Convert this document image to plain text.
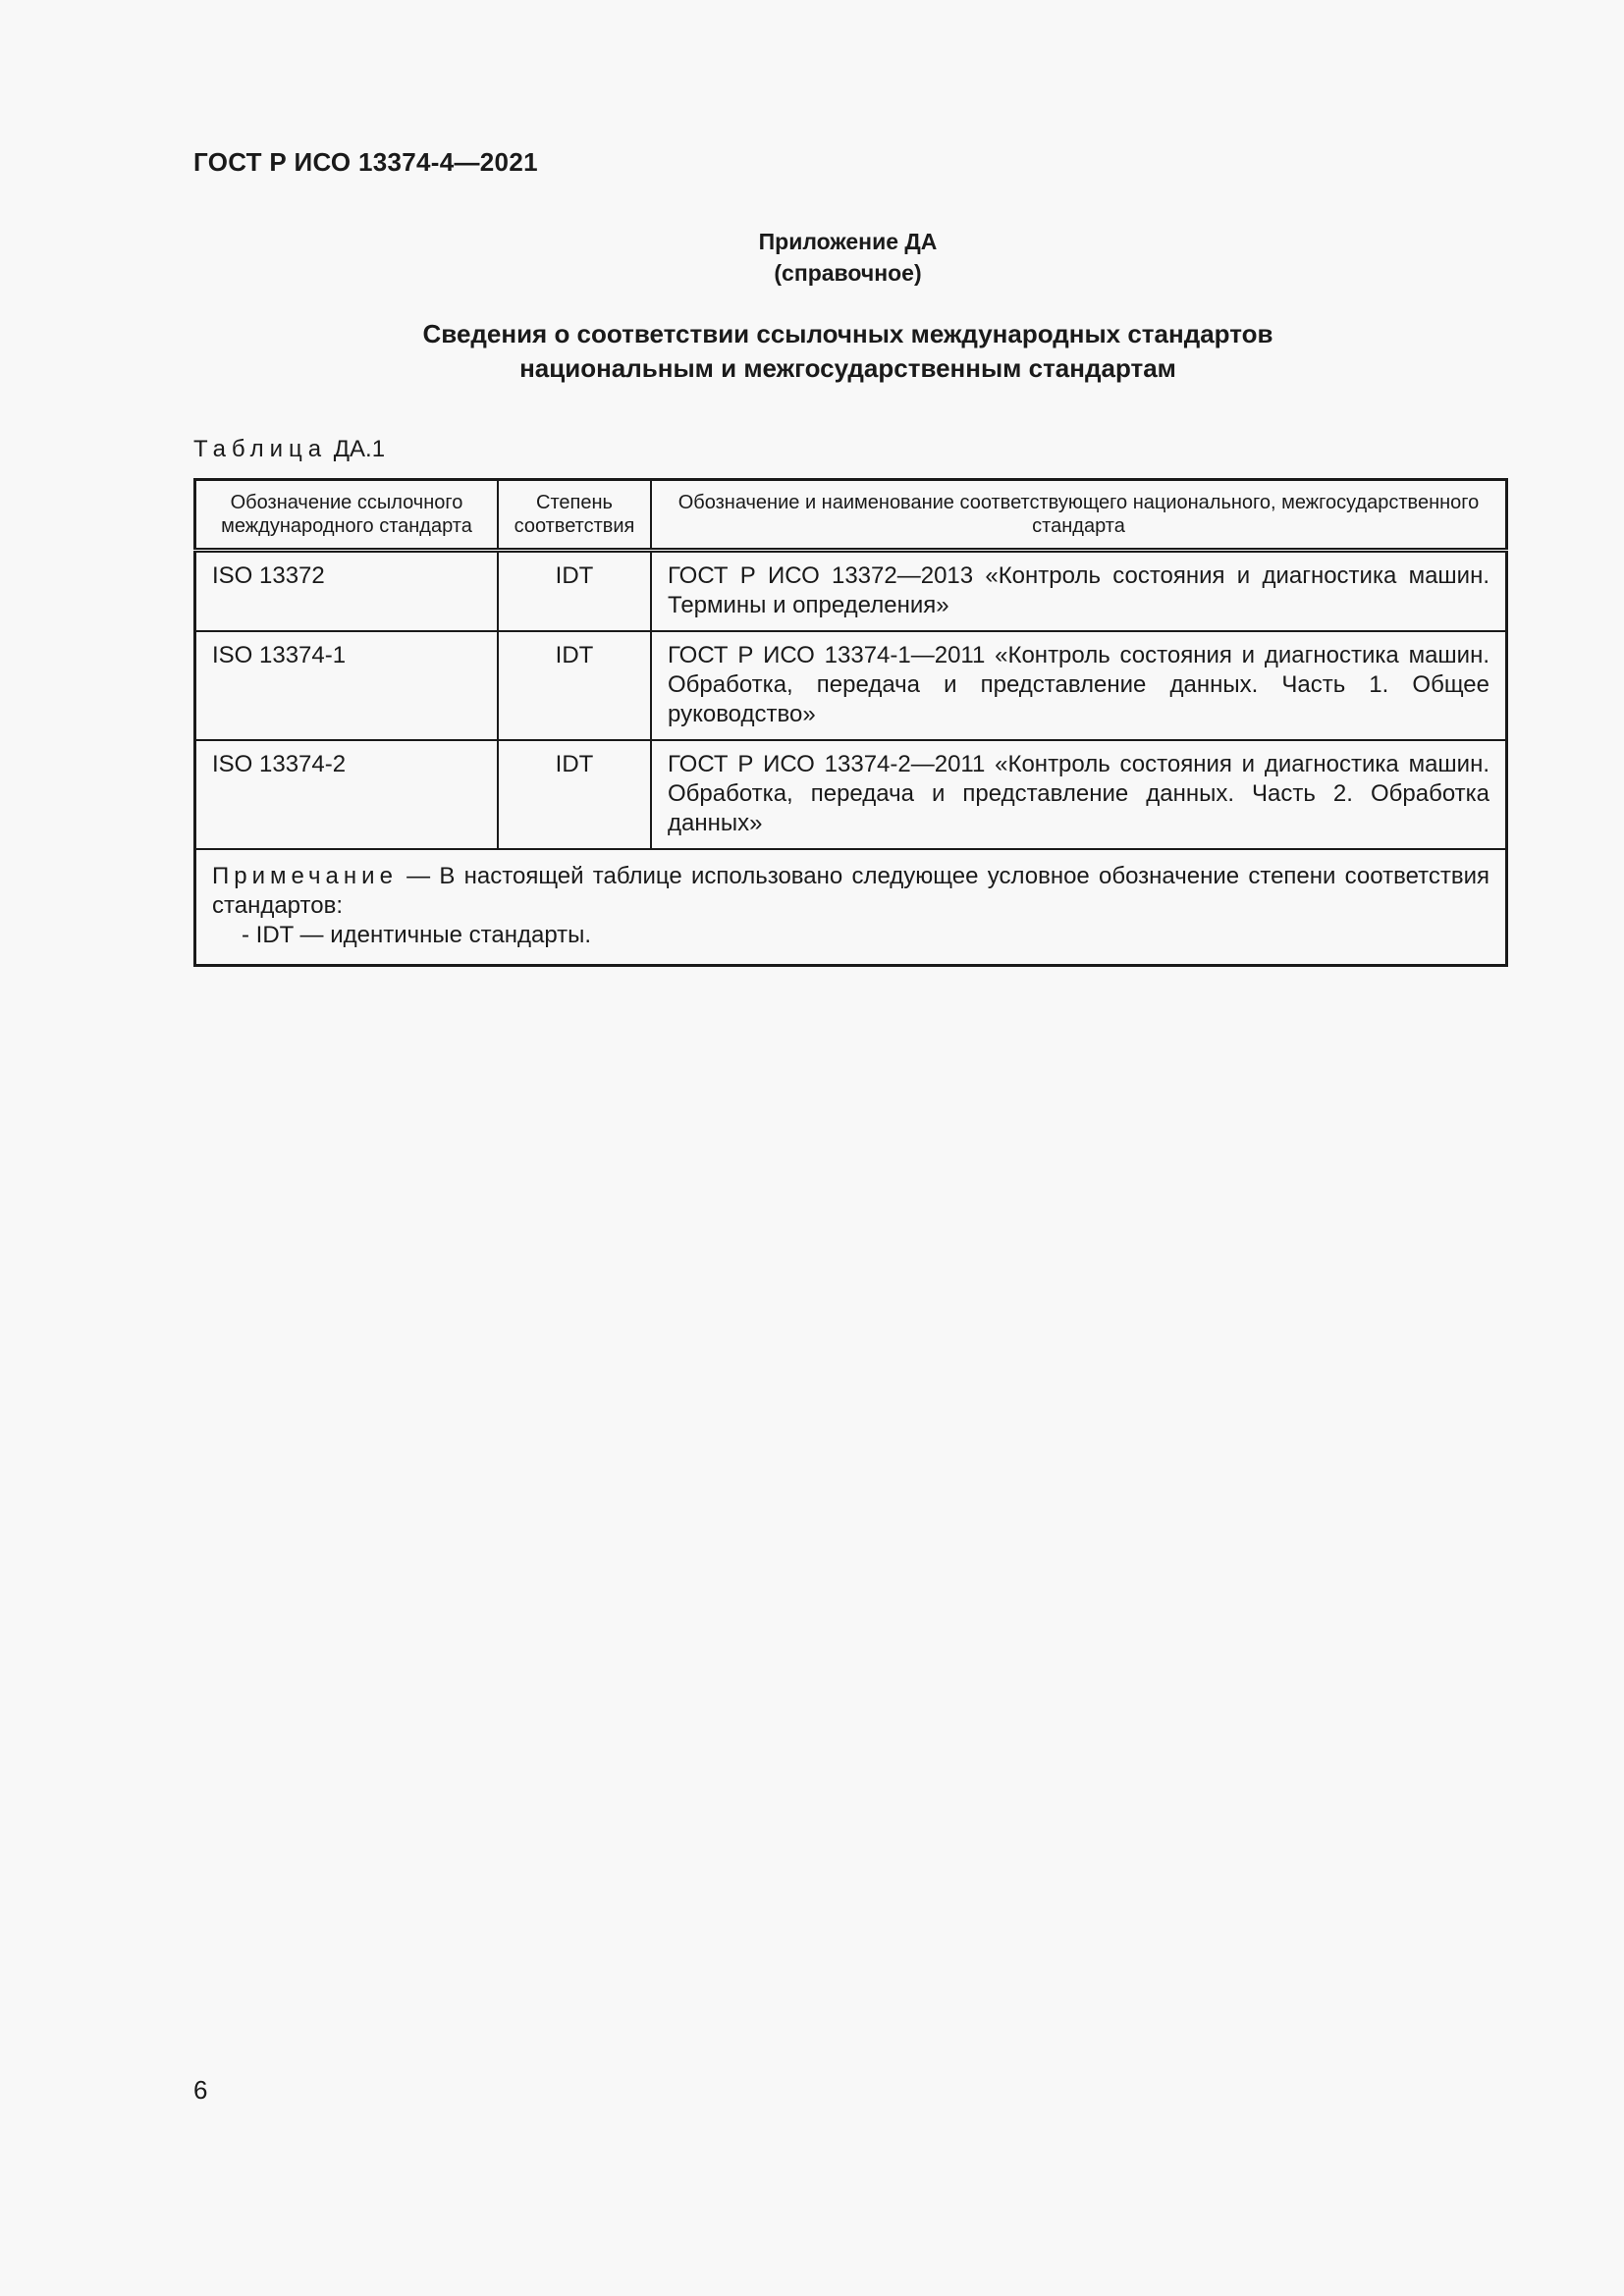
ГОСТ Р ИСО 13374-4—2021
Приложение ДА
(справочное)
Сведения о соответствии ссылочных международных стандартов
национальным и межгосударственным стандартам
Таблица ДА.1
Обозначение ссылочного международного стандарта	Степень соответствия	Обозначение и наименование соответствующего национального, межгосударственного стандарта
ISO 13372	IDT	ГОСТ Р ИСО 13372—2013 «Контроль состояния и диагностика машин. Термины и определения»
ISO 13374-1	IDT	ГОСТ Р ИСО 13374-1—2011 «Контроль состояния и диагностика машин. Обработка, передача и представление данных. Часть 1. Общее руководство»
ISO 13374-2	IDT	ГОСТ Р ИСО 13374-2—2011 «Контроль состояния и диагностика машин. Обработка, передача и представление данных. Часть 2. Обработка данных»
Примечание — В настоящей таблице использовано следующее условное обозначение степени соответствия стандартов:
- IDT — идентичные стандарты.		
6
